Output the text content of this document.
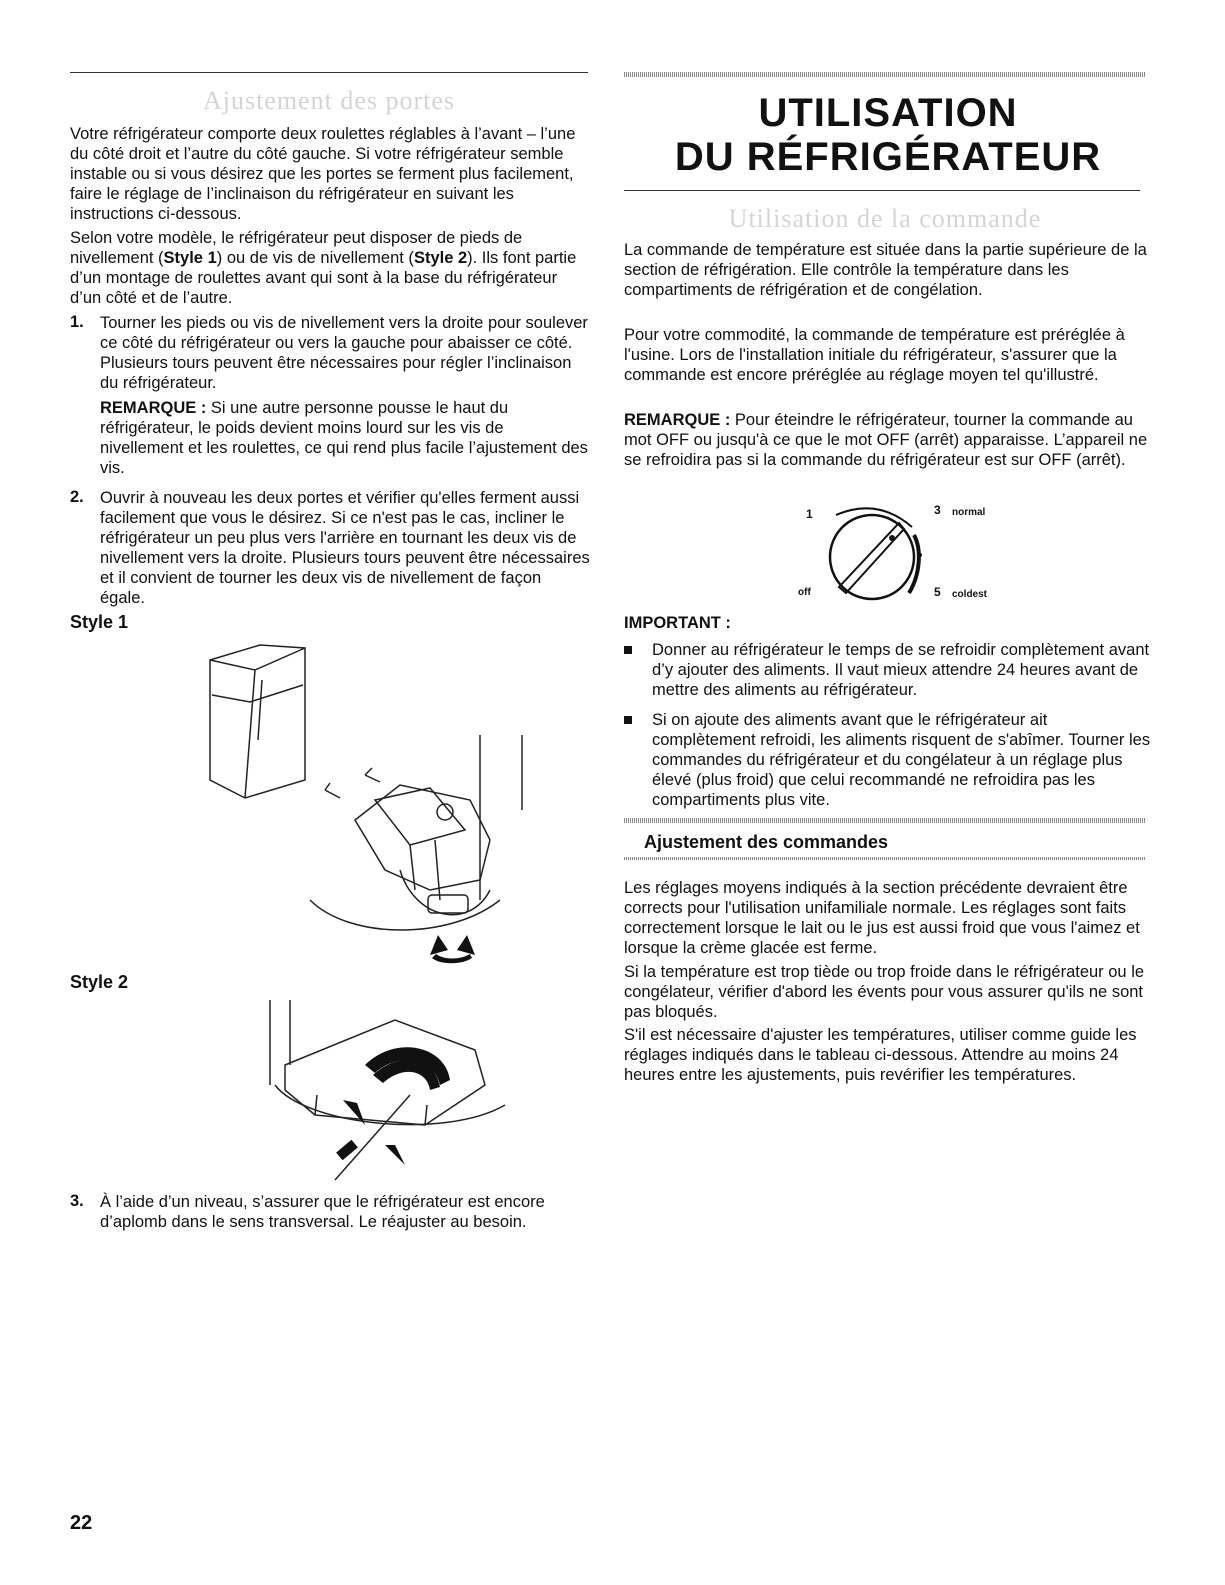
Ajustement des portes

Votre réfrigérateur comporte deux roulettes réglables à l’avant – l’une du côté droit et l’autre du côté gauche. Si votre réfrigérateur semble instable ou si vous désirez que les portes se ferment plus facilement, faire le réglage de l’inclinaison du réfrigérateur en suivant les instructions ci-dessous.

Selon votre modèle, le réfrigérateur peut disposer de pieds de nivellement (Style 1) ou de vis de nivellement (Style 2). Ils font partie d’un montage de roulettes avant qui sont à la base du réfrigérateur d’un côté et de l’autre.

1. Tourner les pieds ou vis de nivellement vers la droite pour soulever ce côté du réfrigérateur ou vers la gauche pour abaisser ce côté. Plusieurs tours peuvent être nécessaires pour régler l’inclinaison du réfrigérateur.

REMARQUE : Si une autre personne pousse le haut du réfrigérateur, le poids devient moins lourd sur les vis de nivellement et les roulettes, ce qui rend plus facile l’ajustement des vis.

2. Ouvrir à nouveau les deux portes et vérifier qu'elles ferment aussi facilement que vous le désirez. Si ce n'est pas le cas, incliner le réfrigérateur un peu plus vers l'arrière en tournant les deux vis de nivellement vers la droite. Plusieurs tours peuvent être nécessaires et il convient de tourner les deux vis de nivellement de façon égale.

Style 1
Style 2
3. À l’aide d’un niveau, s’assurer que le réfrigérateur est encore d’aplomb dans le sens transversal. Le réajuster au besoin.

UTILISATION
DU RÉFRIGÉRATEUR
Utilisation de la commande

La commande de température est située dans la partie supérieure de la section de réfrigération. Elle contrôle la température dans les compartiments de réfrigération et de congélation.

Pour votre commodité, la commande de température est préréglée à l'usine. Lors de l'installation initiale du réfrigérateur, s'assurer que la commande est encore préréglée au réglage moyen tel qu'illustré.

REMARQUE : Pour éteindre le réfrigérateur, tourner la commande au mot OFF ou jusqu'à ce que le mot OFF (arrêt) apparaisse. L’appareil ne se refroidira pas si la commande du réfrigérateur est sur OFF (arrêt).

1	3 normal
off	5 coldest
IMPORTANT :

Donner au réfrigérateur le temps de se refroidir complètement avant d’y ajouter des aliments. Il vaut mieux attendre 24 heures avant de mettre des aliments au réfrigérateur.

Si on ajoute des aliments avant que le réfrigérateur ait complètement refroidi, les aliments risquent de s'abîmer. Tourner les commandes du réfrigérateur et du congélateur à un réglage plus élevé (plus froid) que celui recommandé ne refroidira pas les compartiments plus vite.

Ajustement des commandes

Les réglages moyens indiqués à la section précédente devraient être corrects pour l'utilisation unifamiliale normale. Les réglages sont faits correctement lorsque le lait ou le jus est aussi froid que vous l'aimez et lorsque la crème glacée est ferme.

Si la température est trop tiède ou trop froide dans le réfrigérateur ou le congélateur, vérifier d'abord les évents pour vous assurer qu'ils ne sont pas bloqués.

S'il est nécessaire d'ajuster les températures, utiliser comme guide les réglages indiqués dans le tableau ci-dessous. Attendre au moins 24 heures entre les ajustements, puis revérifier les températures.

22
